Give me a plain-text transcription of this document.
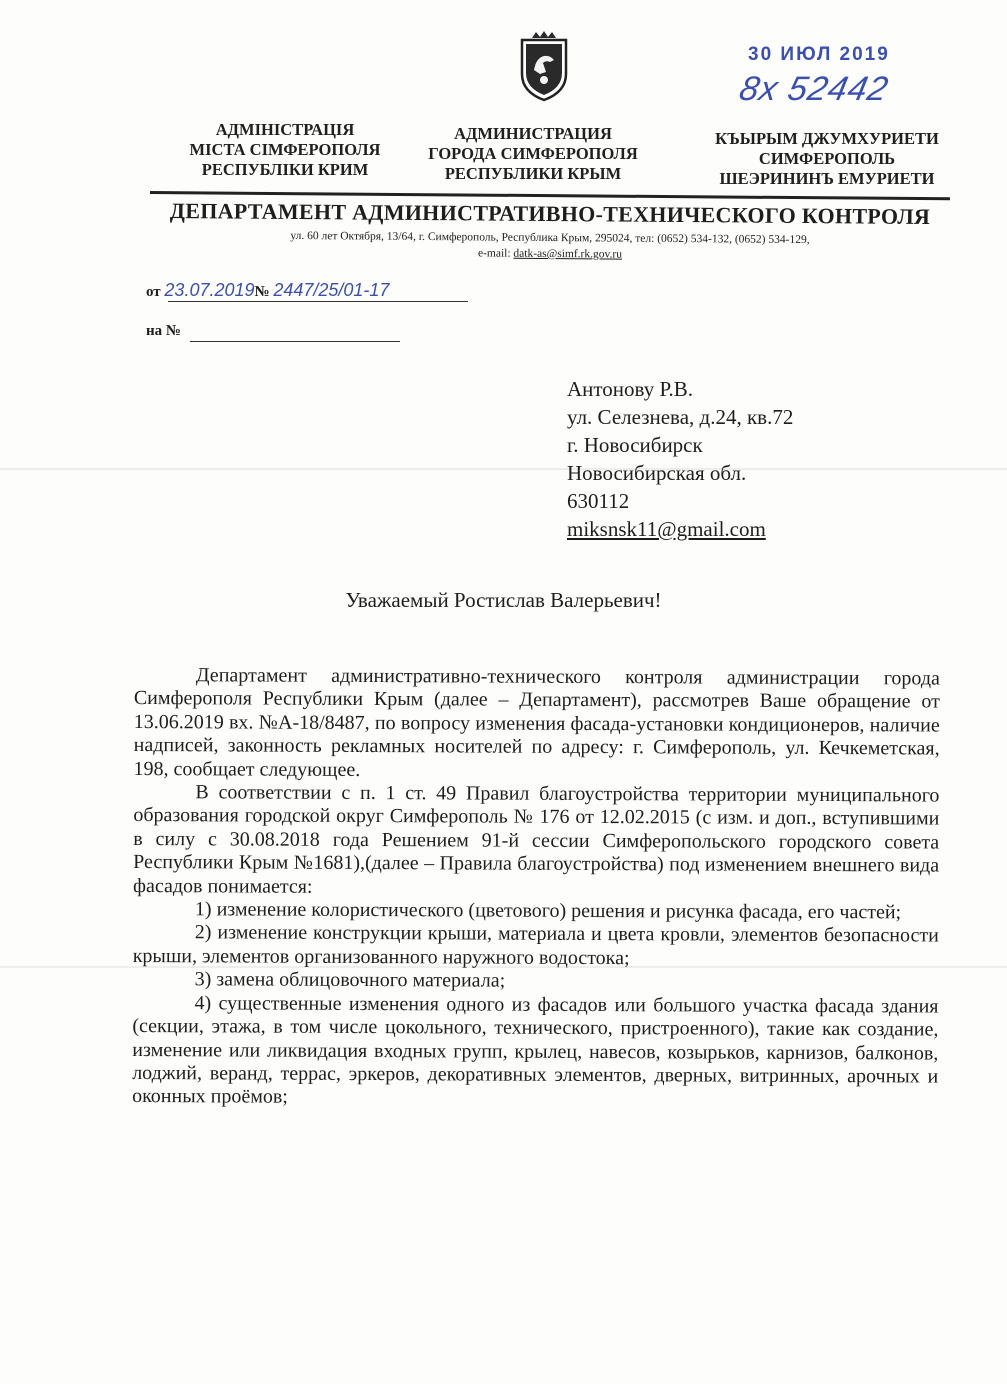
30 ИЮЛ 2019
8х 52442
АДМІНІСТРАЦІЯ
МІСТА СІМФЕРОПОЛЯ
РЕСПУБЛІКИ КРИМ
АДМИНИСТРАЦИЯ
ГОРОДА СИМФЕРОПОЛЯ
РЕСПУБЛИКИ КРЫМ
КЪЫРЫМ ДЖУМХУРИЕТИ
СИМФЕРОПОЛЬ
ШЕЭРИНИНЪ ЕМУРИЕТИ
ДЕПАРТАМЕНТ АДМИНИСТРАТИВНО-ТЕХНИЧЕСКОГО КОНТРОЛЯ
ул. 60 лет Октября, 13/64, г. Симферополь, Республика Крым, 295024, тел: (0652) 534-132, (0652) 534-129,
e-mail: datk-as@simf.rk.gov.ru
от 23.07.2019№ 2447/25/01-17
на №
Антонову Р.В.
ул. Селезнева, д.24, кв.72
г. Новосибирск
Новосибирская обл.
630112
miksnsk11@gmail.com
Уважаемый Ростислав Валерьевич!

Департамент административно-технического контроля администрации города Симферополя Республики Крым (далее – Департамент), рассмотрев Ваше обращение от 13.06.2019 вх. №А-18/8487, по вопросу изменения фасада-установки кондиционеров, наличие надписей, законность рекламных носителей по адресу: г. Симферополь, ул. Кечкеметская, 198, сообщает следующее.

В соответствии с п. 1 ст. 49 Правил благоустройства территории муниципального образования городской округ Симферополь № 176 от 12.02.2015 (с изм. и доп., вступившими в силу с 30.08.2018 года Решением 91-й сессии Симферопольского городского совета Республики Крым №1681),(далее – Правила благоустройства) под изменением внешнего вида фасадов понимается:

1) изменение колористического (цветового) решения и рисунка фасада, его частей;

2) изменение конструкции крыши, материала и цвета кровли, элементов безопасности крыши, элементов организованного наружного водостока;

3) замена облицовочного материала;

4) существенные изменения одного из фасадов или большого участка фасада здания (секции, этажа, в том числе цокольного, технического, пристроенного), такие как создание, изменение или ликвидация входных групп, крылец, навесов, козырьков, карнизов, балконов, лоджий, веранд, террас, эркеров, декоративных элементов, дверных, витринных, арочных и оконных проёмов;
